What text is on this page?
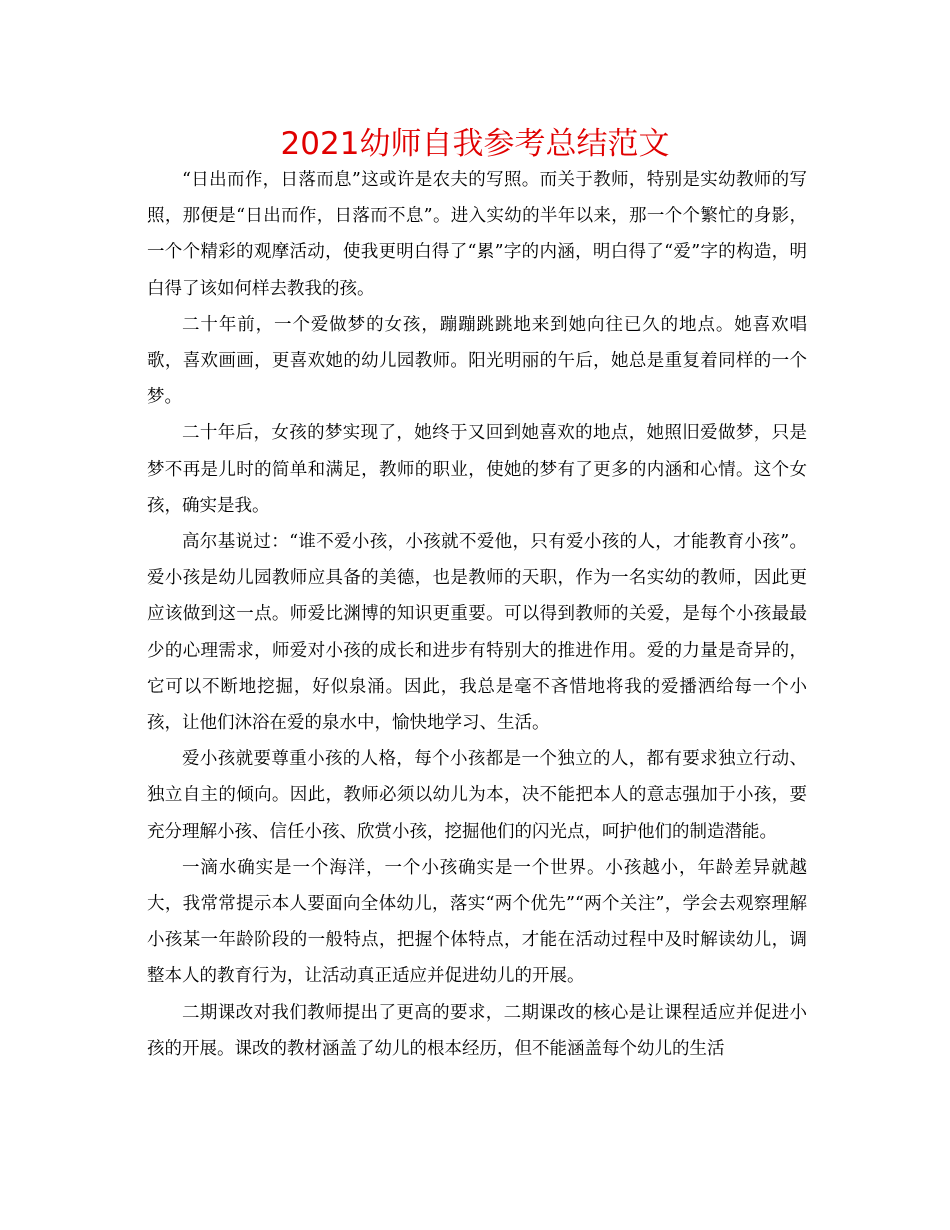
2021幼师自我参考总结范文

“日出而作，日落而息”这或许是农夫的写照。而关于教师，特别是实幼教师的写照，那便是“日出而作，日落而不息”。进入实幼的半年以来，那一个个繁忙的身影，一个个精彩的观摩活动，使我更明白得了“累”字的内涵，明白得了“爱”字的构造，明白得了该如何样去教我的孩。

二十年前，一个爱做梦的女孩，蹦蹦跳跳地来到她向往已久的地点。她喜欢唱歌，喜欢画画，更喜欢她的幼儿园教师。阳光明丽的午后，她总是重复着同样的一个梦。

二十年后，女孩的梦实现了，她终于又回到她喜欢的地点，她照旧爱做梦，只是梦不再是儿时的简单和满足，教师的职业，使她的梦有了更多的内涵和心情。这个女孩，确实是我。

高尔基说过：“谁不爱小孩，小孩就不爱他，只有爱小孩的人，才能教育小孩”。爱小孩是幼儿园教师应具备的美德，也是教师的天职，作为一名实幼的教师，因此更应该做到这一点。师爱比渊博的知识更重要。可以得到教师的关爱，是每个小孩最最少的心理需求，师爱对小孩的成长和进步有特别大的推进作用。爱的力量是奇异的，它可以不断地挖掘，好似泉涌。因此，我总是毫不吝惜地将我的爱播洒给每一个小孩，让他们沐浴在爱的泉水中，愉快地学习、生活。

爱小孩就要尊重小孩的人格，每个小孩都是一个独立的人，都有要求独立行动、独立自主的倾向。因此，教师必须以幼儿为本，决不能把本人的意志强加于小孩，要充分理解小孩、信任小孩、欣赏小孩，挖掘他们的闪光点，呵护他们的制造潜能。

一滴水确实是一个海洋，一个小孩确实是一个世界。小孩越小，年龄差异就越大，我常常提示本人要面向全体幼儿，落实“两个优先”“两个关注”，学会去观察理解小孩某一年龄阶段的一般特点，把握个体特点，才能在活动过程中及时解读幼儿，调整本人的教育行为，让活动真正适应并促进幼儿的开展。

二期课改对我们教师提出了更高的要求，二期课改的核心是让课程适应并促进小孩的开展。课改的教材涵盖了幼儿的根本经历，但不能涵盖每个幼儿的生活
